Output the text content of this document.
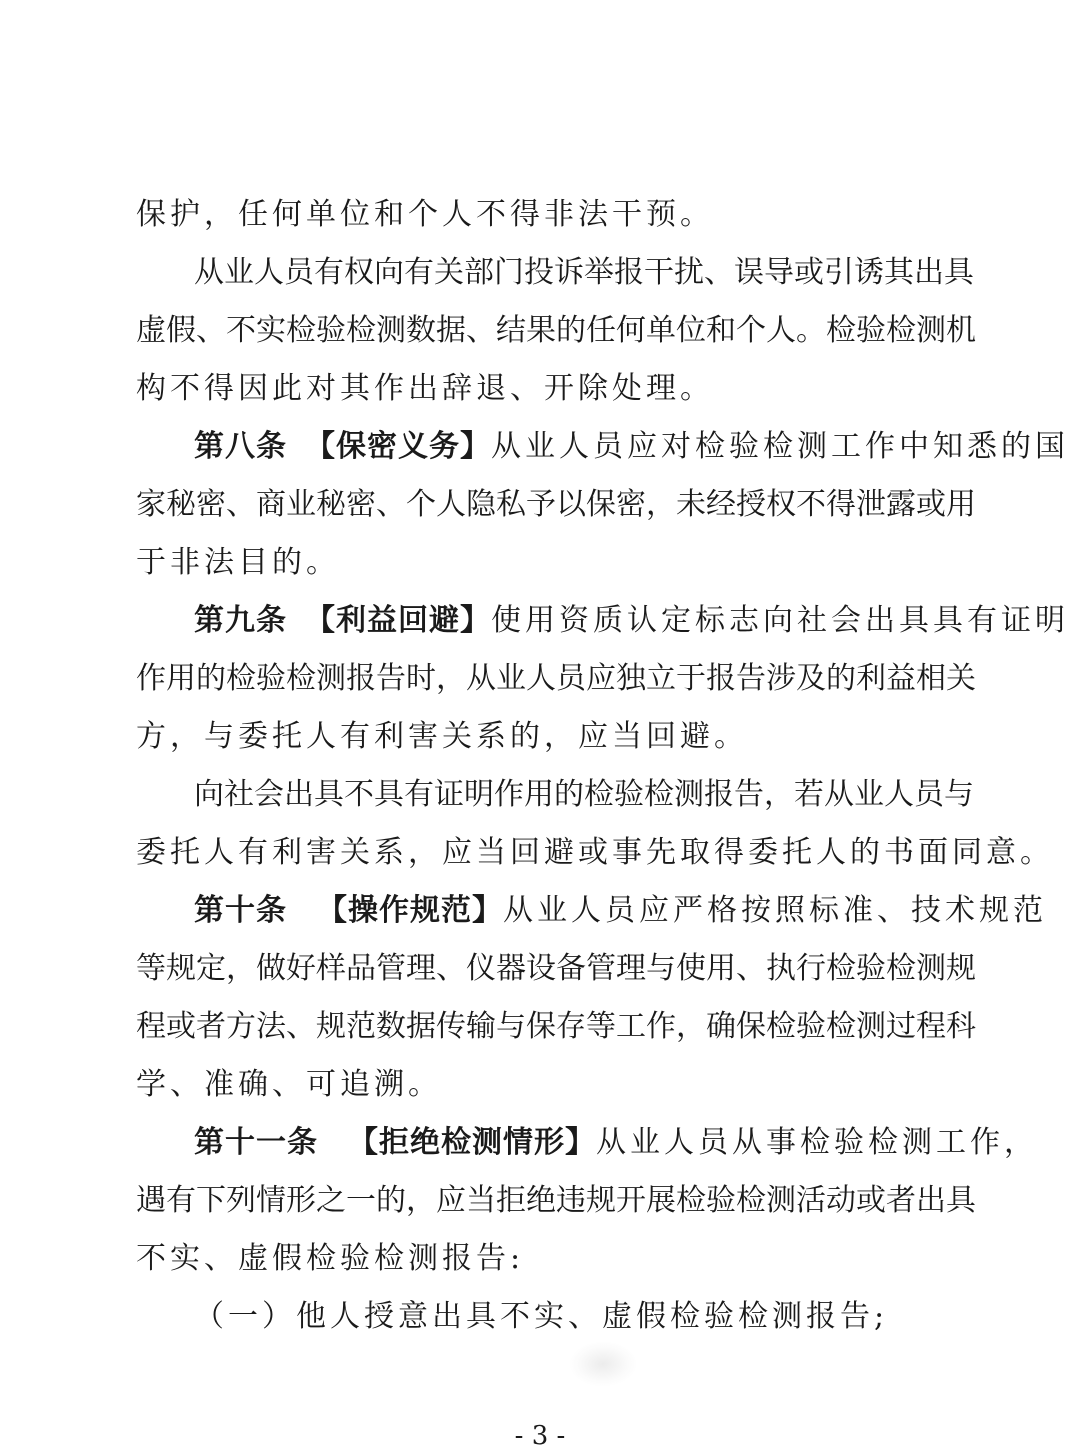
保护，任何单位和个人不得非法干预。
从业人员有权向有关部门投诉举报干扰、误导或引诱其出具
虚假、不实检验检测数据、结果的任何单位和个人。检验检测机
构不得因此对其作出辞退、开除处理。
第八条 【保密义务】从业人员应对检验检测工作中知悉的国
家秘密、商业秘密、个人隐私予以保密，未经授权不得泄露或用
于非法目的。
第九条 【利益回避】使用资质认定标志向社会出具具有证明
作用的检验检测报告时，从业人员应独立于报告涉及的利益相关
方，与委托人有利害关系的，应当回避。
向社会出具不具有证明作用的检验检测报告，若从业人员与
委托人有利害关系，应当回避或事先取得委托人的书面同意。
第十条 【操作规范】从业人员应严格按照标准、技术规范
等规定，做好样品管理、仪器设备管理与使用、执行检验检测规
程或者方法、规范数据传输与保存等工作，确保检验检测过程科
学、准确、可追溯。
第十一条 【拒绝检测情形】从业人员从事检验检测工作，
遇有下列情形之一的，应当拒绝违规开展检验检测活动或者出具
不实、虚假检验检测报告:
（一）他人授意出具不实、虚假检验检测报告;
- 3 -
